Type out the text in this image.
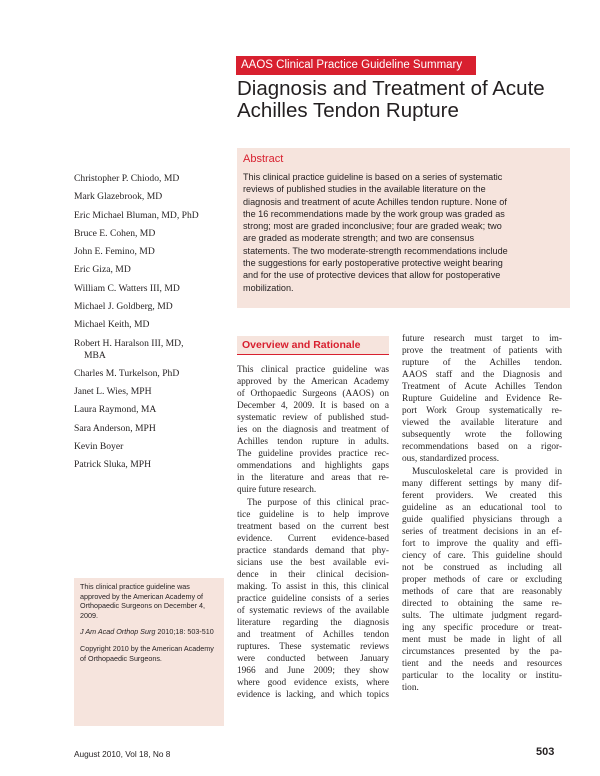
AAOS Clinical Practice Guideline Summary
Diagnosis and Treatment of Acute
Achilles Tendon Rupture
Abstract
This clinical practice guideline is based on a series of systematic
reviews of published studies in the available literature on the
diagnosis and treatment of acute Achilles tendon rupture. None of
the 16 recommendations made by the work group was graded as
strong; most are graded inconclusive; four are graded weak; two
are graded as moderate strength; and two are consensus
statements. The two moderate-strength recommendations include
the suggestions for early postoperative protective weight bearing
and for the use of protective devices that allow for postoperative
mobilization.
Christopher P. Chiodo, MD
Mark Glazebrook, MD
Eric Michael Bluman, MD, PhD
Bruce E. Cohen, MD
John E. Femino, MD
Eric Giza, MD
William C. Watters III, MD
Michael J. Goldberg, MD
Michael Keith, MD
Robert H. Haralson III, MD,
MBA
Charles M. Turkelson, PhD
Janet L. Wies, MPH
Laura Raymond, MA
Sara Anderson, MPH
Kevin Boyer
Patrick Sluka, MPH

This clinical practice guideline was approved by the American Academy of Orthopaedic Surgeons on December 4, 2009.

J Am Acad Orthop Surg 2010;18: 503-510

Copyright 2010 by the American Academy of Orthopaedic Surgeons.

Overview and Rationale
This clinical practice guideline was
approved by the American Academy
of Orthopaedic Surgeons (AAOS) on
December 4, 2009. It is based on a
systematic review of published stud-
ies on the diagnosis and treatment of
Achilles tendon rupture in adults.
The guideline provides practice rec-
ommendations and highlights gaps
in the literature and areas that re-
quire future research.
The purpose of this clinical prac-
tice guideline is to help improve
treatment based on the current best
evidence. Current evidence-based
practice standards demand that phy-
sicians use the best available evi-
dence in their clinical decision-
making. To assist in this, this clinical
practice guideline consists of a series
of systematic reviews of the available
literature regarding the diagnosis
and treatment of Achilles tendon
ruptures. These systematic reviews
were conducted between January
1966 and June 2009; they show
where good evidence exists, where
evidence is lacking, and which topics
future research must target to im-
prove the treatment of patients with
rupture of the Achilles tendon.
AAOS staff and the Diagnosis and
Treatment of Acute Achilles Tendon
Rupture Guideline and Evidence Re-
port Work Group systematically re-
viewed the available literature and
subsequently wrote the following
recommendations based on a rigor-
ous, standardized process.
Musculoskeletal care is provided in
many different settings by many dif-
ferent providers. We created this
guideline as an educational tool to
guide qualified physicians through a
series of treatment decisions in an ef-
fort to improve the quality and effi-
ciency of care. This guideline should
not be construed as including all
proper methods of care or excluding
methods of care that are reasonably
directed to obtaining the same re-
sults. The ultimate judgment regard-
ing any specific procedure or treat-
ment must be made in light of all
circumstances presented by the pa-
tient and the needs and resources
particular to the locality or institu-
tion.
August 2010, Vol 18, No 8	503
